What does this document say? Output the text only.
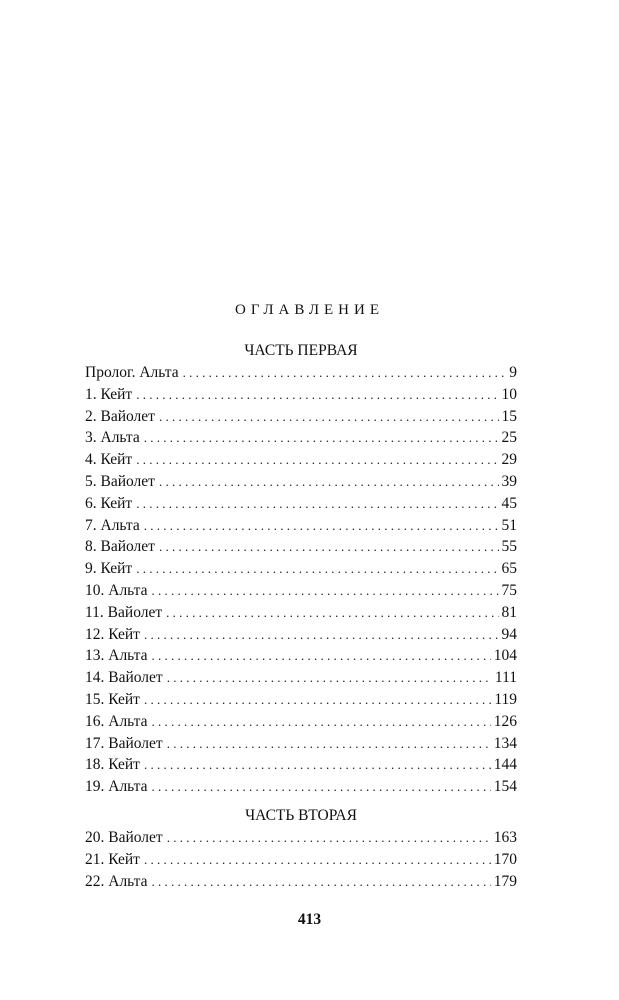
ОГЛАВЛЕНИЕ
ЧАСТЬ ПЕРВАЯ
Пролог. Альта . . .	9
1. Кейт . . .	10
2. Вайолет . . .	15
3. Альта . . .	25
4. Кейт . . .	29
5. Вайолет . . .	39
6. Кейт . . .	45
7. Альта . . .	51
8. Вайолет . . .	55
9. Кейт . . .	65
10. Альта . . .	75
11. Вайолет . . .	81
12. Кейт . . .	94
13. Альта . . .	104
14. Вайолет . . .	111
15. Кейт . . .	119
16. Альта . . .	126
17. Вайолет . . .	134
18. Кейт . . .	144
19. Альта . . .	154
ЧАСТЬ ВТОРАЯ
20. Вайолет . . .	163
21. Кейт . . .	170
22. Альта . . .	179

413
